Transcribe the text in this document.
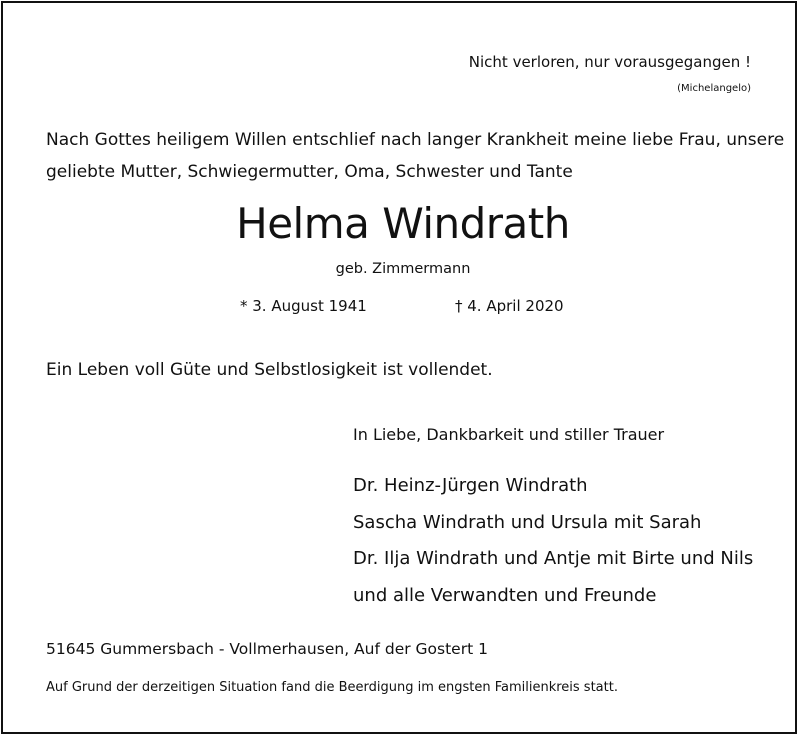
Nicht verloren, nur vorausgegangen !
(Michelangelo)
Nach Gottes heiligem Willen entschlief nach langer Krankheit meine liebe Frau, unsere
geliebte Mutter, Schwiegermutter, Oma, Schwester und Tante
Helma Windrath
geb. Zimmermann
* 3. August 1941	† 4. April 2020
Ein Leben voll Güte und Selbstlosigkeit ist vollendet.
In Liebe, Dankbarkeit und stiller Trauer
Dr. Heinz-Jürgen Windrath
Sascha Windrath und Ursula mit Sarah
Dr. Ilja Windrath und Antje mit Birte und Nils
und alle Verwandten und Freunde
51645 Gummersbach - Vollmerhausen, Auf der Gostert 1
Auf Grund der derzeitigen Situation fand die Beerdigung im engsten Familienkreis statt.
